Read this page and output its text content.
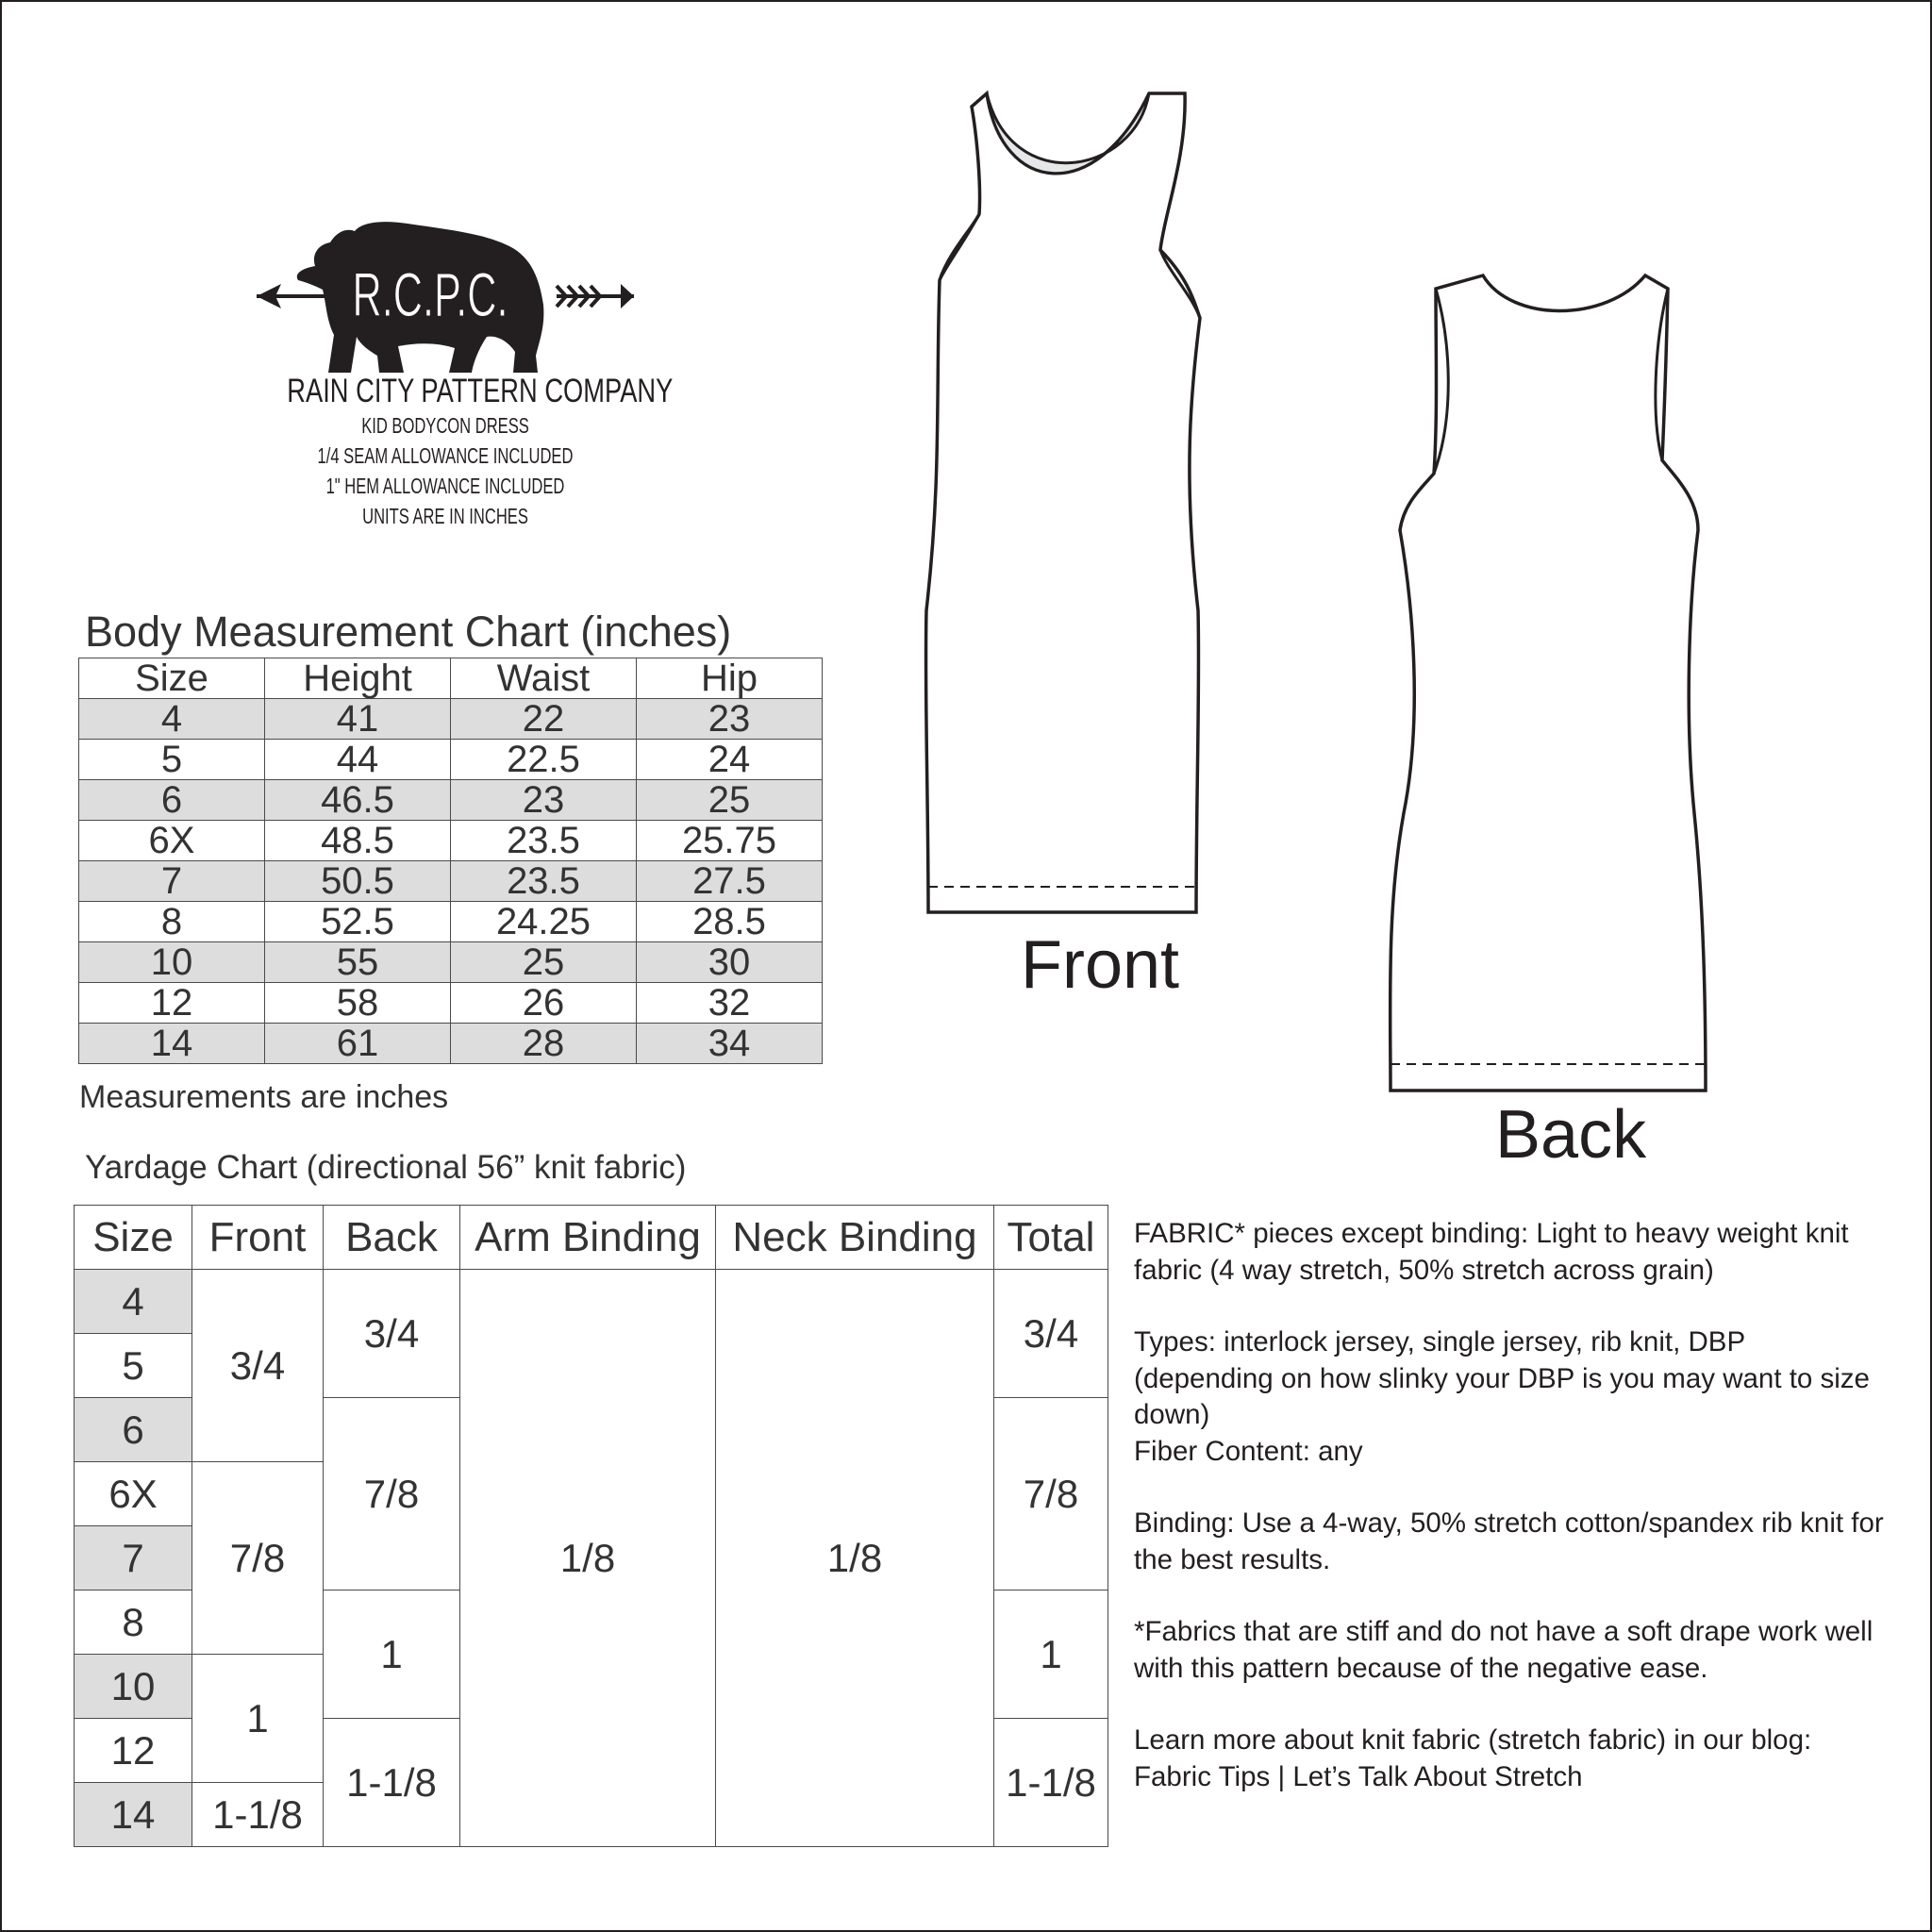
R.C.P.C.
RAIN CITY PATTERN COMPANY
KID BODYCON DRESS
1/4 SEAM ALLOWANCE INCLUDED
1" HEM ALLOWANCE INCLUDED
UNITS ARE IN INCHES
Body Measurement Chart (inches)
Size	Height	Waist	Hip
4	41	22	23
5	44	22.5	24
6	46.5	23	25
6X	48.5	23.5	25.75
7	50.5	23.5	27.5
8	52.5	24.25	28.5
10	55	25	30
12	58	26	32
14	61	28	34
Measurements are inches
Yardage Chart (directional 56” knit fabric)
Size	Front	Back	Arm Binding	Neck Binding	Total
4	3/4	3/4	1/8	1/8	3/4
5					
6		7/8			7/8
6X	7/8				
7					
8		1			1
10	1				
12		1-1/8			1-1/8
14	1-1/8				

FABRIC* pieces except binding: Light to heavy weight knit fabric (4 way stretch, 50% stretch across grain)

Types: interlock jersey, single jersey, rib knit, DBP (depending on how slinky your DBP is you may want to size down)

Fiber Content: any

Binding: Use a 4-way, 50% stretch cotton/spandex rib knit for the best results.

*Fabrics that are stiff and do not have a soft drape work well with this pattern because of the negative ease.

Learn more about knit fabric (stretch fabric) in our blog: Fabric Tips | Let’s Talk About Stretch

Front
Back
